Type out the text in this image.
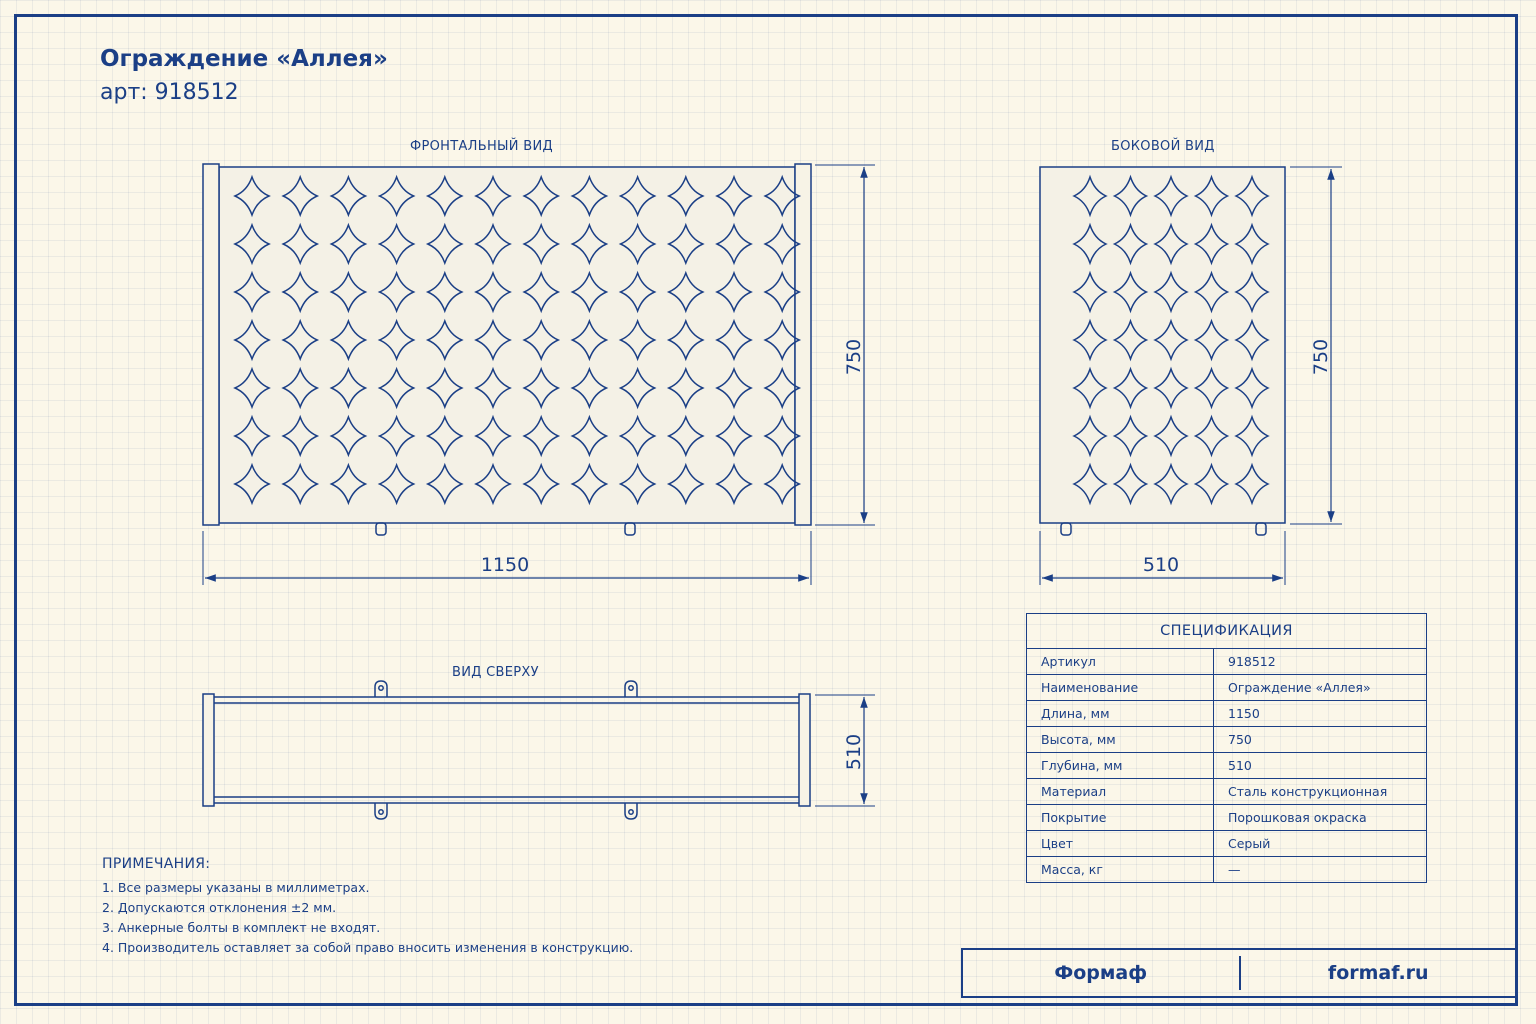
Ограждение «Аллея»
арт: 918512
ФРОНТАЛЬНЫЙ ВИД	БОКОВОЙ ВИД
ВИД СВЕРХУ
1150
750
510
750
510
СПЕЦИФИКАЦИЯ	
Артикул	918512
Наименование	Ограждение «Аллея»
Длина, мм	1150
Высота, мм	750
Глубина, мм	510
Материал	Сталь конструкционная
Покрытие	Порошковая окраска
Цвет	Серый
Масса, кг	—
ПРИМЕЧАНИЯ:
1. Все размеры указаны в миллиметрах.
2. Допускаются отклонения ±2 мм.
3. Анкерные болты в комплект не входят.
4. Производитель оставляет за собой право вносить изменения в конструкцию.
Формаф	formaf.ru
